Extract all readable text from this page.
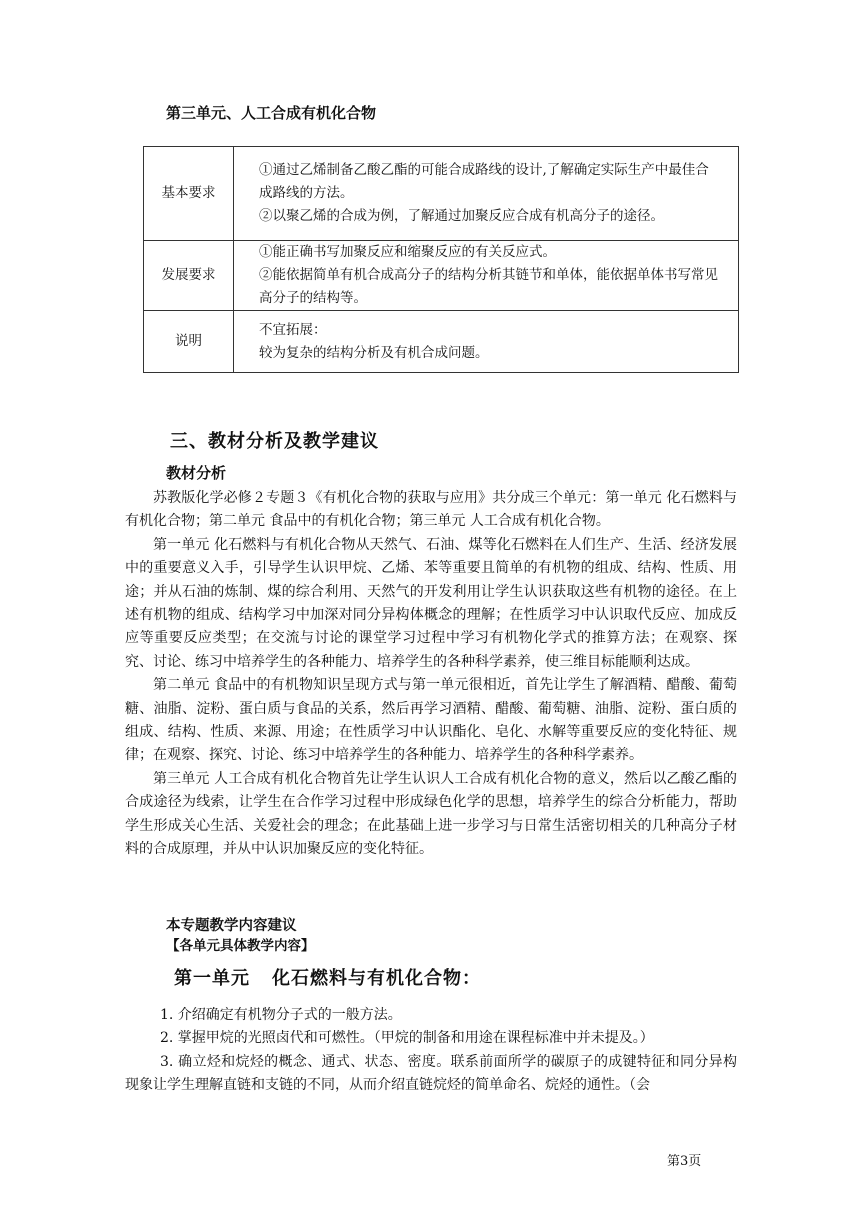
第三单元、人工合成有机化合物
基本要求	①通过乙烯制备乙酸乙酯的可能合成路线的设计,了解确定实际生产中最佳合成路线的方法。
②以聚乙烯的合成为例，了解通过加聚反应合成有机高分子的途径。

发展要求	①能正确书写加聚反应和缩聚反应的有关反应式。
②能依据简单有机合成高分子的结构分析其链节和单体，能依据单体书写常见高分子的结构等。

说明	不宜拓展：
较为复杂的结构分析及有机合成问题。
三、教材分析及教学建议
教材分析

苏教版化学必修２专题３《有机化合物的获取与应用》共分成三个单元：第一单元 化石燃料与有机化合物；第二单元 食品中的有机化合物；第三单元 人工合成有机化合物。

第一单元 化石燃料与有机化合物从天然气、石油、煤等化石燃料在人们生产、生活、经济发展中的重要意义入手，引导学生认识甲烷、乙烯、苯等重要且简单的有机物的组成、结构、性质、用途；并从石油的炼制、煤的综合利用、天然气的开发利用让学生认识获取这些有机物的途径。在上述有机物的组成、结构学习中加深对同分异构体概念的理解；在性质学习中认识取代反应、加成反应等重要反应类型；在交流与讨论的课堂学习过程中学习有机物化学式的推算方法；在观察、探究、讨论、练习中培养学生的各种能力、培养学生的各种科学素养，使三维目标能顺利达成。

第二单元 食品中的有机物知识呈现方式与第一单元很相近，首先让学生了解酒精、醋酸、葡萄糖、油脂、淀粉、蛋白质与食品的关系，然后再学习酒精、醋酸、葡萄糖、油脂、淀粉、蛋白质的组成、结构、性质、来源、用途；在性质学习中认识酯化、皂化、水解等重要反应的变化特征、规律；在观察、探究、讨论、练习中培养学生的各种能力、培养学生的各种科学素养。

第三单元 人工合成有机化合物首先让学生认识人工合成有机化合物的意义，然后以乙酸乙酯的合成途径为线索，让学生在合作学习过程中形成绿色化学的思想，培养学生的综合分析能力，帮助学生形成关心生活、关爱社会的理念；在此基础上进一步学习与日常生活密切相关的几种高分子材料的合成原理，并从中认识加聚反应的变化特征。

本专题教学内容建议
【各单元具体教学内容】
第一单元 化石燃料与有机化合物：

1. 介绍确定有机物分子式的一般方法。

2. 掌握甲烷的光照卤代和可燃性。（甲烷的制备和用途在课程标准中并未提及。）

3. 确立烃和烷烃的概念、通式、状态、密度。联系前面所学的碳原子的成键特征和同分异构现象让学生理解直链和支链的不同，从而介绍直链烷烃的简单命名、烷烃的通性。（会

第3页
